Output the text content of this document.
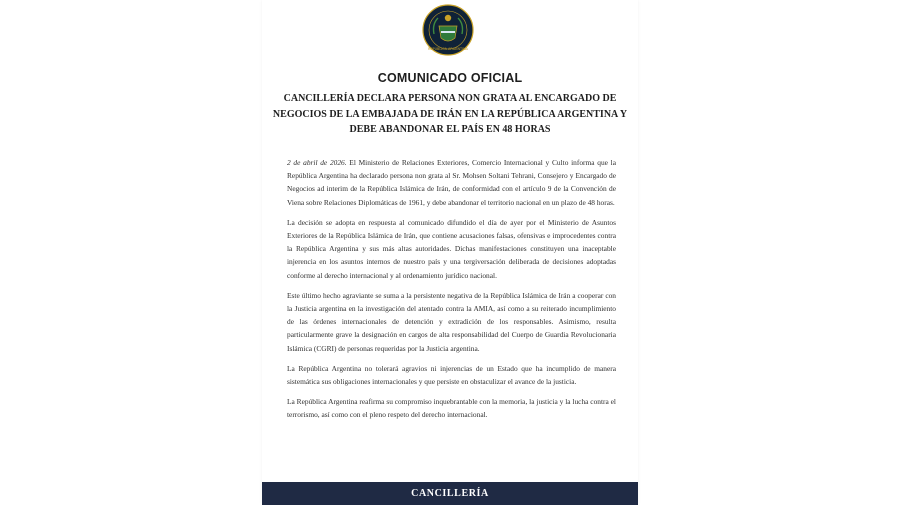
REPÚBLICA ARGENTINA
COMUNICADO OFICIAL
CANCILLERÍA DECLARA PERSONA NON GRATA AL ENCARGADO DE NEGOCIOS DE LA EMBAJADA DE IRÁN EN LA REPÚBLICA ARGENTINA Y DEBE ABANDONAR EL PAÍS EN 48 HORAS

2 de abril de 2026. El Ministerio de Relaciones Exteriores, Comercio Internacional y Culto informa que la República Argentina ha declarado persona non grata al Sr. Mohsen Soltani Tehrani, Consejero y Encargado de Negocios ad interim de la República Islámica de Irán, de conformidad con el artículo 9 de la Convención de Viena sobre Relaciones Diplomáticas de 1961, y debe abandonar el territorio nacional en un plazo de 48 horas.

La decisión se adopta en respuesta al comunicado difundido el día de ayer por el Ministerio de Asuntos Exteriores de la República Islámica de Irán, que contiene acusaciones falsas, ofensivas e improcedentes contra la República Argentina y sus más altas autoridades. Dichas manifestaciones constituyen una inaceptable injerencia en los asuntos internos de nuestro país y una tergiversación deliberada de decisiones adoptadas conforme al derecho internacional y al ordenamiento jurídico nacional.

Este último hecho agraviante se suma a la persistente negativa de la República Islámica de Irán a cooperar con la Justicia argentina en la investigación del atentado contra la AMIA, así como a su reiterado incumplimiento de las órdenes internacionales de detención y extradición de los responsables. Asimismo, resulta particularmente grave la designación en cargos de alta responsabilidad del Cuerpo de Guardia Revolucionaria Islámica (CGRI) de personas requeridas por la Justicia argentina.

La República Argentina no tolerará agravios ni injerencias de un Estado que ha incumplido de manera sistemática sus obligaciones internacionales y que persiste en obstaculizar el avance de la justicia.

La República Argentina reafirma su compromiso inquebrantable con la memoria, la justicia y la lucha contra el terrorismo, así como con el pleno respeto del derecho internacional.

CANCILLERÍA
